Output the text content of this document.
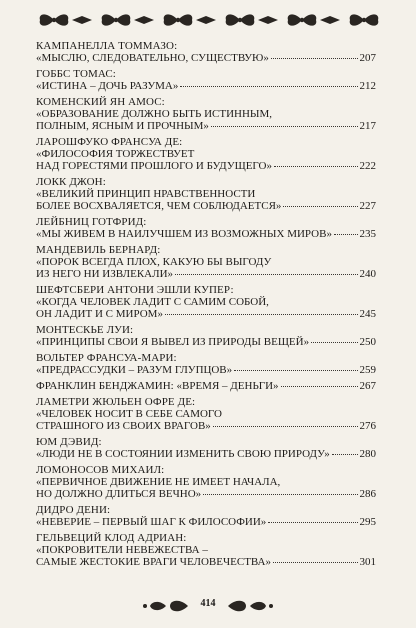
КАМПАНЕЛЛА ТОММАЗО:
«МЫСЛЮ, СЛЕДОВАТЕЛЬНО, СУЩЕСТВУЮ»	207
ГОББС ТОМАС:
«ИСТИНА – ДОЧЬ РАЗУМА»	212
КОМЕНСКИЙ ЯН АМОС:
«ОБРАЗОВАНИЕ ДОЛЖНО БЫТЬ ИСТИННЫМ,
ПОЛНЫМ, ЯСНЫМ И ПРОЧНЫМ»	217
ЛАРОШФУКО ФРАНСУА ДЕ:
«ФИЛОСОФИЯ ТОРЖЕСТВУЕТ
НАД ГОРЕСТЯМИ ПРОШЛОГО И БУДУЩЕГО»	222
ЛОКК ДЖОН:
«ВЕЛИКИЙ ПРИНЦИП НРАВСТВЕННОСТИ
БОЛЕЕ ВОСХВАЛЯЕТСЯ, ЧЕМ СОБЛЮДАЕТСЯ»	227
ЛЕЙБНИЦ ГОТФРИД:
«МЫ ЖИВЕМ В НАИЛУЧШЕМ ИЗ ВОЗМОЖНЫХ МИРОВ»	235
МАНДЕВИЛЬ БЕРНАРД:
«ПОРОК ВСЕГДА ПЛОХ, КАКУЮ БЫ ВЫГОДУ
ИЗ НЕГО НИ ИЗВЛЕКАЛИ»	240
ШЕФТСБЕРИ АНТОНИ ЭШЛИ КУПЕР:
«КОГДА ЧЕЛОВЕК ЛАДИТ С САМИМ СОБОЙ,
ОН ЛАДИТ И С МИРОМ»	245
МОНТЕСКЬЕ ЛУИ:
«ПРИНЦИПЫ СВОИ Я ВЫВЕЛ ИЗ ПРИРОДЫ ВЕЩЕЙ»	250
ВОЛЬТЕР ФРАНСУА-МАРИ:
«ПРЕДРАССУДКИ – РАЗУМ ГЛУПЦОВ»	259
ФРАНКЛИН БЕНДЖАМИН:
«ВРЕМЯ – ДЕНЬГИ»	267
ЛАМЕТРИ ЖЮЛЬЕН ОФРЕ ДЕ:
«ЧЕЛОВЕК НОСИТ В СЕБЕ САМОГО
СТРАШНОГО ИЗ СВОИХ ВРАГОВ»	276
ЮМ ДЭВИД:
«ЛЮДИ НЕ В СОСТОЯНИИ ИЗМЕНИТЬ СВОЮ ПРИРОДУ»	280
ЛОМОНОСОВ МИХАИЛ:
«ПЕРВИЧНОЕ ДВИЖЕНИЕ НЕ ИМЕЕТ НАЧАЛА,
НО ДОЛЖНО ДЛИТЬСЯ ВЕЧНО»	286
ДИДРО ДЕНИ:
«НЕВЕРИЕ – ПЕРВЫЙ ШАГ К ФИЛОСОФИИ»	295
ГЕЛЬВЕЦИЙ КЛОД АДРИАН:
«ПОКРОВИТЕЛИ НЕВЕЖЕСТВА –
САМЫЕ ЖЕСТОКИЕ ВРАГИ ЧЕЛОВЕЧЕСТВА»	301
414
